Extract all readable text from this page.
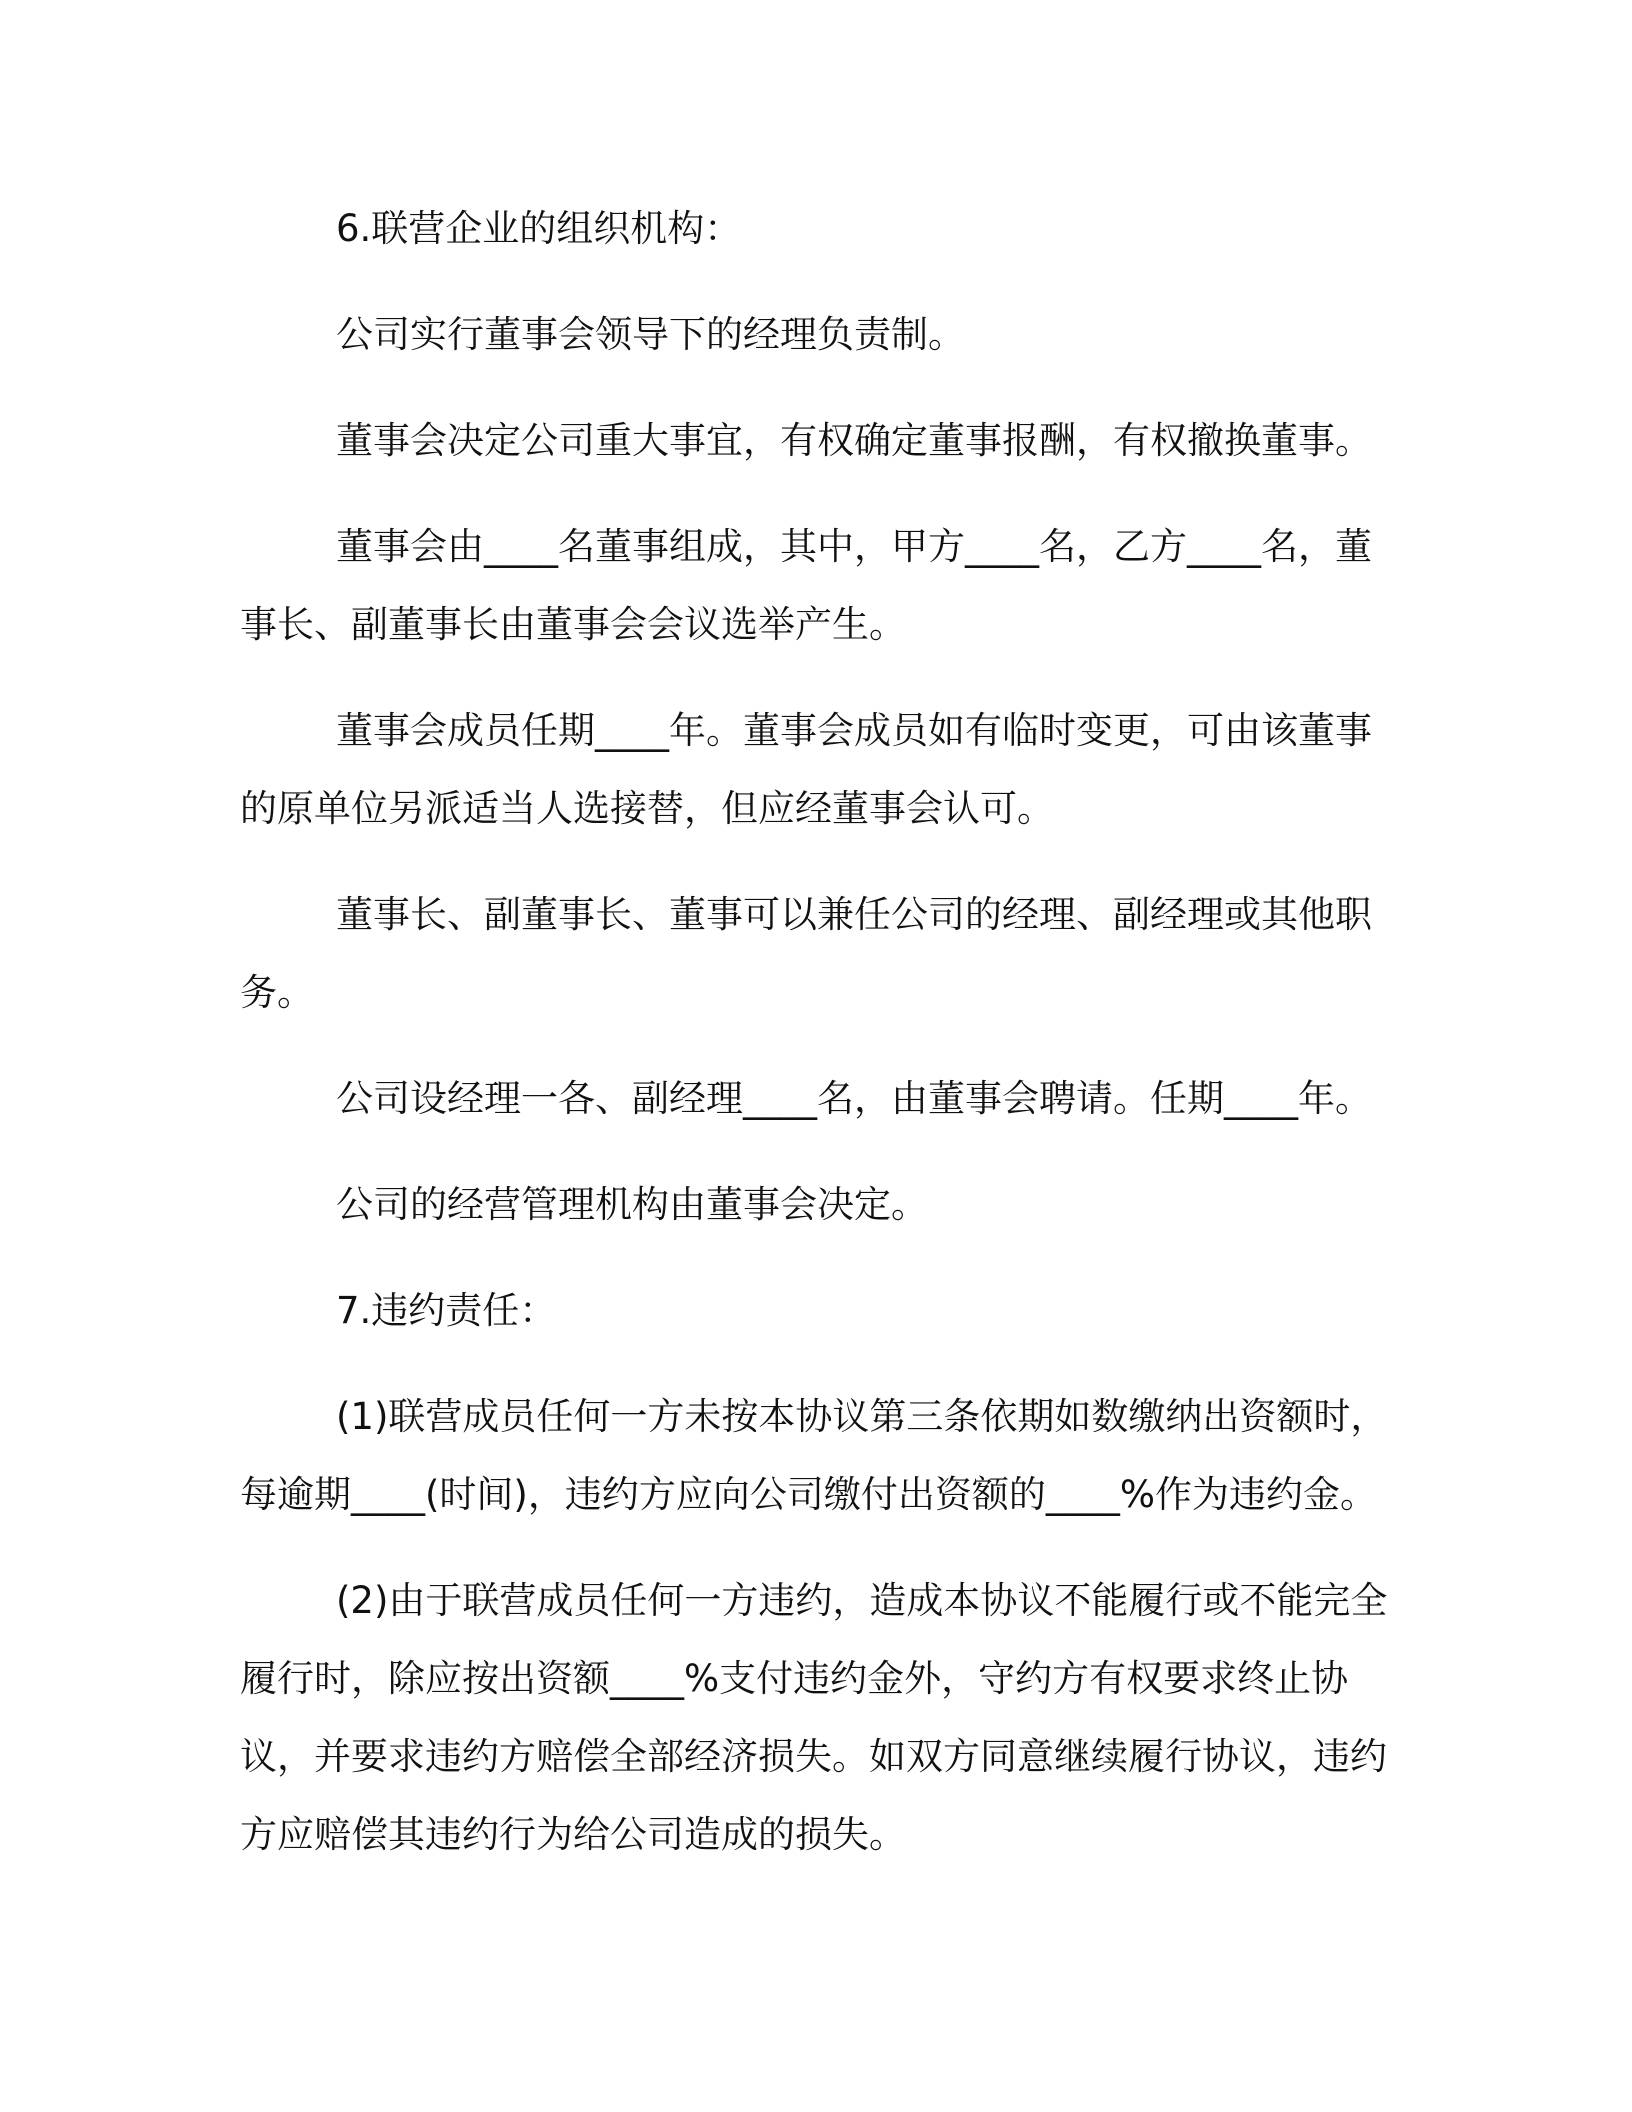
6.联营企业的组织机构：

公司实行董事会领导下的经理负责制。

董事会决定公司重大事宜，有权确定董事报酬，有权撤换董事。

董事会由____名董事组成，其中，甲方____名，乙方____名，董事长、副董事长由董事会会议选举产生。

董事会成员任期____年。董事会成员如有临时变更，可由该董事的原单位另派适当人选接替，但应经董事会认可。

董事长、副董事长、董事可以兼任公司的经理、副经理或其他职务。

公司设经理一各、副经理____名，由董事会聘请。任期____年。

公司的经营管理机构由董事会决定。

7.违约责任：

(1)联营成员任何一方未按本协议第三条依期如数缴纳出资额时，每逾期____(时间)，违约方应向公司缴付出资额的____%作为违约金。

(2)由于联营成员任何一方违约，造成本协议不能履行或不能完全履行时，除应按出资额____%支付违约金外，守约方有权要求终止协议，并要求违约方赔偿全部经济损失。如双方同意继续履行协议，违约方应赔偿其违约行为给公司造成的损失。
